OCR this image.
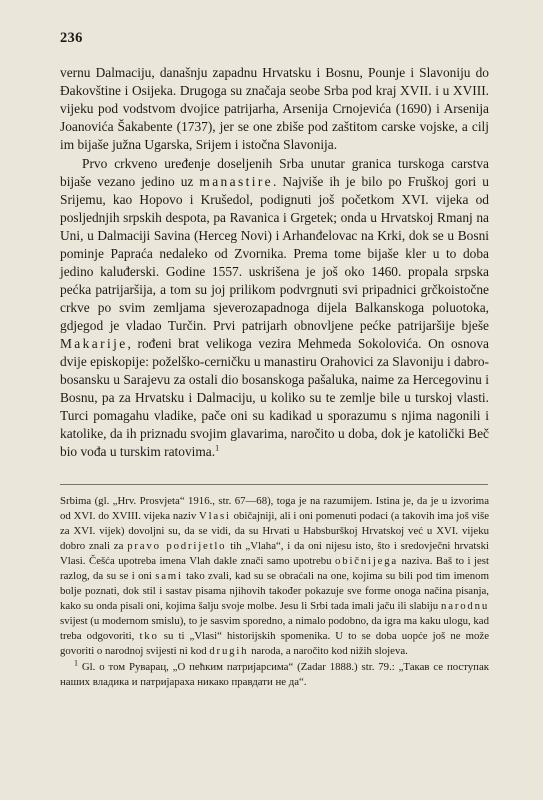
236

vernu Dalmaciju, današnju zapadnu Hrvatsku i Bosnu, Pounje i Slavoniju do Đakovštine i Osijeka. Drugoga su značaja seobe Srba pod kraj XVII. i u XVIII. vijeku pod vodstvom dvojice patrijarha, Arsenija Crnojevića (1690) i Arsenija Joanovića Šakabente (1737), jer se one zbiše pod zaštitom carske vojske, a cilj im bijaše južna Ugarska, Srijem i istočna Slavonija.

Prvo crkveno uređenje doseljenih Srba unutar granica turskoga carstva bijaše vezano jedino uz manastire. Najviše ih je bilo po Fruškoj gori u Srijemu, kao Hopovo i Krušedol, podignuti još početkom XVI. vijeka od posljednjih srpskih despota, pa Ravanica i Grgetek; onda u Hrvatskoj Rmanj na Uni, u Dalmaciji Savina (Herceg Novi) i Arhanđelovac na Krki, dok se u Bosni pominje Papraća nedaleko od Zvornika. Prema tome bijaše kler u to doba jedino kaluđerski. Godine 1557. uskrišena je još oko 1460. propala srpska pećka patrijaršija, a tom su joj prilikom podvrgnuti svi pripadnici grčkoistočne crkve po svim zemljama sjeverozapadnoga dijela Balkanskoga poluotoka, gdjegod je vladao Turčin. Prvi patrijarh obnovljene pećke patrijaršije bješe Makarije, rođeni brat velikoga vezira Mehmeda Sokolovića. On osnova dvije episkopije: poželško-cerničku u manastiru Orahovici za Slavoniju i dabro-bosansku u Sarajevu za ostali dio bosanskoga pašaluka, naime za Hercegovinu i Bosnu, pa za Hrvatsku i Dalmaciju, u koliko su te zemlje bile u turskoj vlasti. Turci pomagahu vladike, pače oni su kadikad u sporazumu s njima nagonili i katolike, da ih priznadu svojim glavarima, naročito u doba, dok je katolički Beč bio vođa u turskim ratovima.$^1$

Srbima (gl. „Hrv. Prosvjeta“ 1916., str. 67—68), toga je na razumijem. Istina je, da je u izvorima od XVI. do XVIII. vijeka naziv Vlasi običajniji, ali i oni pomenuti podaci (a takovih ima još više za XVI. vijek) dovoljni su, da se vidi, da su Hrvati u Habsburškoj Hrvatskoj već u XVI. vijeku dobro znali za pravo podrijetlo tih „Vlaha“, i da oni nijesu isto, što i sredovječni hrvatski Vlasi. Češća upotreba imena Vlah dakle znači samo upotrebu običnijega naziva. Baš to i jest razlog, da su se i oni sami tako zvali, kad su se obraćali na one, kojima su bili pod tim imenom bolje poznati, dok stil i sastav pisama njihovih također pokazuje sve forme onoga načina pisanja, kako su onda pisali oni, kojima šalju svoje molbe. Jesu li Srbi tada imali jaču ili slabiju narodnu svijest (u modernom smislu), to je sasvim sporedno, a nimalo podobno, da igra ma kaku ulogu, kad treba odgovoriti, tko su ti „Vlasi“ historijskih spomenika. U to se doba uopće još ne može govoriti o narodnoj svijesti ni kod drugih naroda, a naročito kod nižih slojeva.

$^1$ Gl. о том Руварац, „О пећким патријарсима“ (Zadar 1888.) str. 79.: „Такав се поступак наших владика и патријараха никако правдати не да“.
